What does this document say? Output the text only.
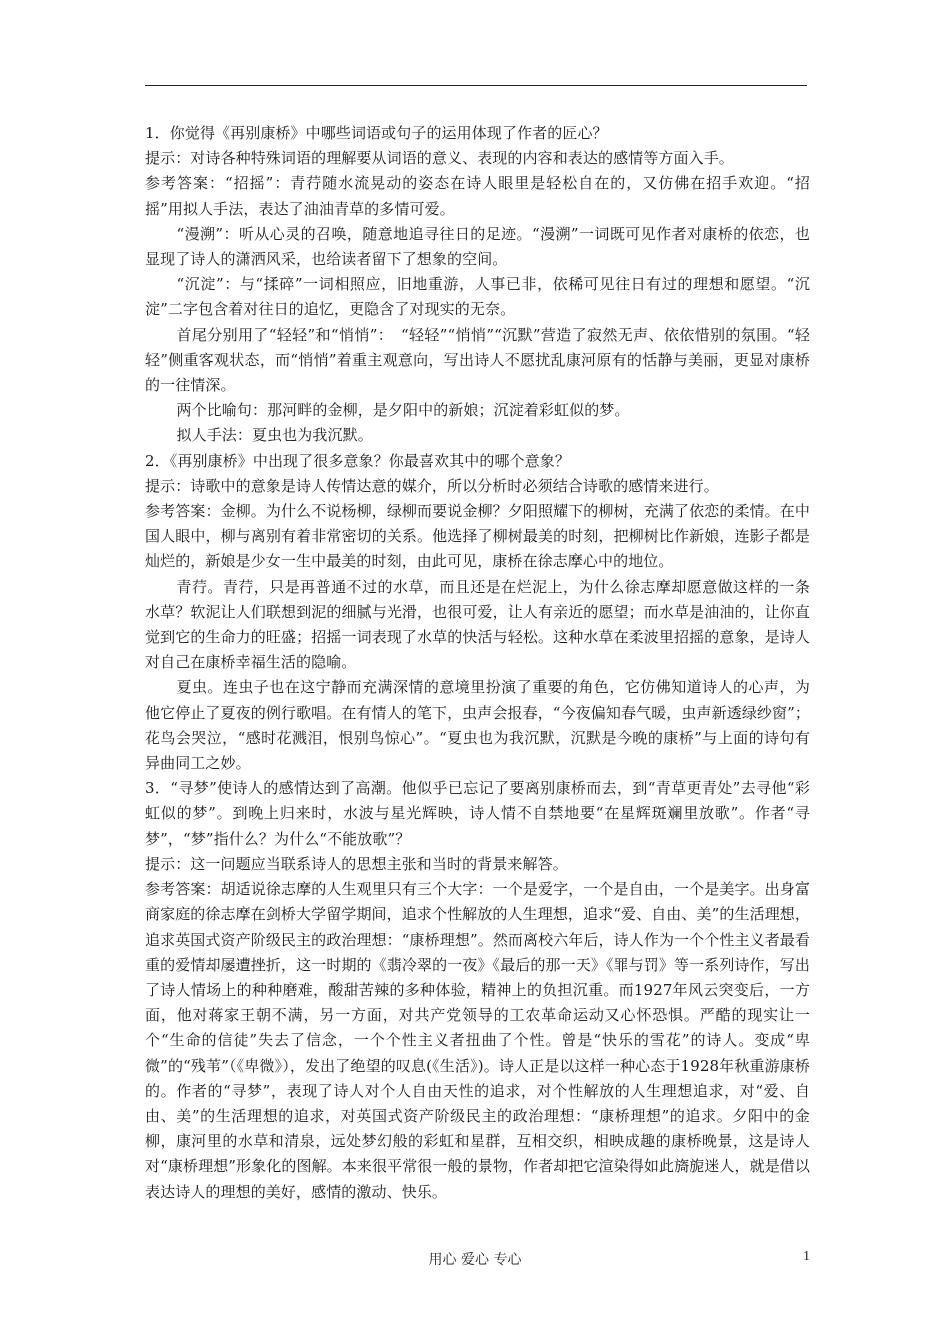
1．你觉得《再别康桥》中哪些词语或句子的运用体现了作者的匠心？

提示：对诗各种特殊词语的理解要从词语的意义、表现的内容和表达的感情等方面入手。

参考答案：“招摇”：青荇随水流晃动的姿态在诗人眼里是轻松自在的，又仿佛在招手欢迎。“招摇”用拟人手法，表达了油油青草的多情可爱。

“漫溯”：听从心灵的召唤，随意地追寻往日的足迹。“漫溯”一词既可见作者对康桥的依恋，也显现了诗人的潇洒风采，也给读者留下了想象的空间。

“沉淀”：与“揉碎”一词相照应，旧地重游，人事已非，依稀可见往日有过的理想和愿望。“沉淀”二字包含着对往日的追忆，更隐含了对现实的无奈。

首尾分别用了“轻轻”和“悄悄”：　“轻轻”“悄悄”“沉默”营造了寂然无声、依依惜别的氛围。“轻轻”侧重客观状态，而“悄悄”着重主观意向，写出诗人不愿扰乱康河原有的恬静与美丽，更显对康桥的一往情深。

两个比喻句：那河畔的金柳，是夕阳中的新娘；沉淀着彩虹似的梦。

拟人手法：夏虫也为我沉默。

2．《再别康桥》中出现了很多意象？你最喜欢其中的哪个意象？

提示：诗歌中的意象是诗人传情达意的媒介，所以分析时必须结合诗歌的感情来进行。

参考答案：金柳。为什么不说杨柳，绿柳而要说金柳？夕阳照耀下的柳树，充满了依恋的柔情。在中国人眼中，柳与离别有着非常密切的关系。他选择了柳树最美的时刻，把柳树比作新娘，连影子都是灿烂的，新娘是少女一生中最美的时刻，由此可见，康桥在徐志摩心中的地位。

青荇。青荇，只是再普通不过的水草，而且还是在烂泥上，为什么徐志摩却愿意做这样的一条水草？软泥让人们联想到泥的细腻与光滑，也很可爱，让人有亲近的愿望；而水草是油油的，让你直觉到它的生命力的旺盛；招摇一词表现了水草的快活与轻松。这种水草在柔波里招摇的意象，是诗人对自己在康桥幸福生活的隐喻。

夏虫。连虫子也在这宁静而充满深情的意境里扮演了重要的角色，它仿佛知道诗人的心声，为他它停止了夏夜的例行歌唱。在有情人的笔下，虫声会报春，“今夜偏知春气暖，虫声新透绿纱窗”；花鸟会哭泣，“感时花溅泪，恨别鸟惊心”。“夏虫也为我沉默，沉默是今晚的康桥”与上面的诗句有异曲同工之妙。

3．“寻梦”使诗人的感情达到了高潮。他似乎已忘记了要离别康桥而去，到“青草更青处”去寻他“彩虹似的梦”。到晚上归来时，水波与星光辉映，诗人情不自禁地要“在星辉斑斓里放歌”。作者“寻梦”，“梦”指什么？为什么“不能放歌”？

提示：这一问题应当联系诗人的思想主张和当时的背景来解答。

参考答案：胡适说徐志摩的人生观里只有三个大字：一个是爱字，一个是自由，一个是美字。出身富商家庭的徐志摩在剑桥大学留学期间，追求个性解放的人生理想，追求“爱、自由、美”的生活理想，追求英国式资产阶级民主的政治理想：“康桥理想”。然而离校六年后，诗人作为一个个性主义者最看重的爱情却屡遭挫折，这一时期的《翡冷翠的一夜》《最后的那一天》《罪与罚》等一系列诗作，写出了诗人情场上的种种磨难，酸甜苦辣的多种体验，精神上的负担沉重。而1927年风云突变后，一方面，他对蒋家王朝不满，另一方面，对共产党领导的工农革命运动又心怀恐惧。严酷的现实让一个“生命的信徒”失去了信念，一个个性主义者扭曲了个性。曾是“快乐的雪花”的诗人。变成“卑微”的“残苇”（《卑微》），发出了绝望的叹息(《生活》)。诗人正是以这样一种心态于1928年秋重游康桥的。作者的“寻梦”，表现了诗人对个人自由天性的追求，对个性解放的人生理想追求，对“爱、自由、美”的生活理想的追求，对英国式资产阶级民主的政治理想：“康桥理想”的追求。夕阳中的金柳，康河里的水草和清泉，远处梦幻般的彩虹和星群，互相交织，相映成趣的康桥晚景，这是诗人对“康桥理想”形象化的图解。本来很平常很一般的景物，作者却把它渲染得如此旖旎迷人，就是借以表达诗人的理想的美好，感情的激动、快乐。

用心 爱心 专心	1
